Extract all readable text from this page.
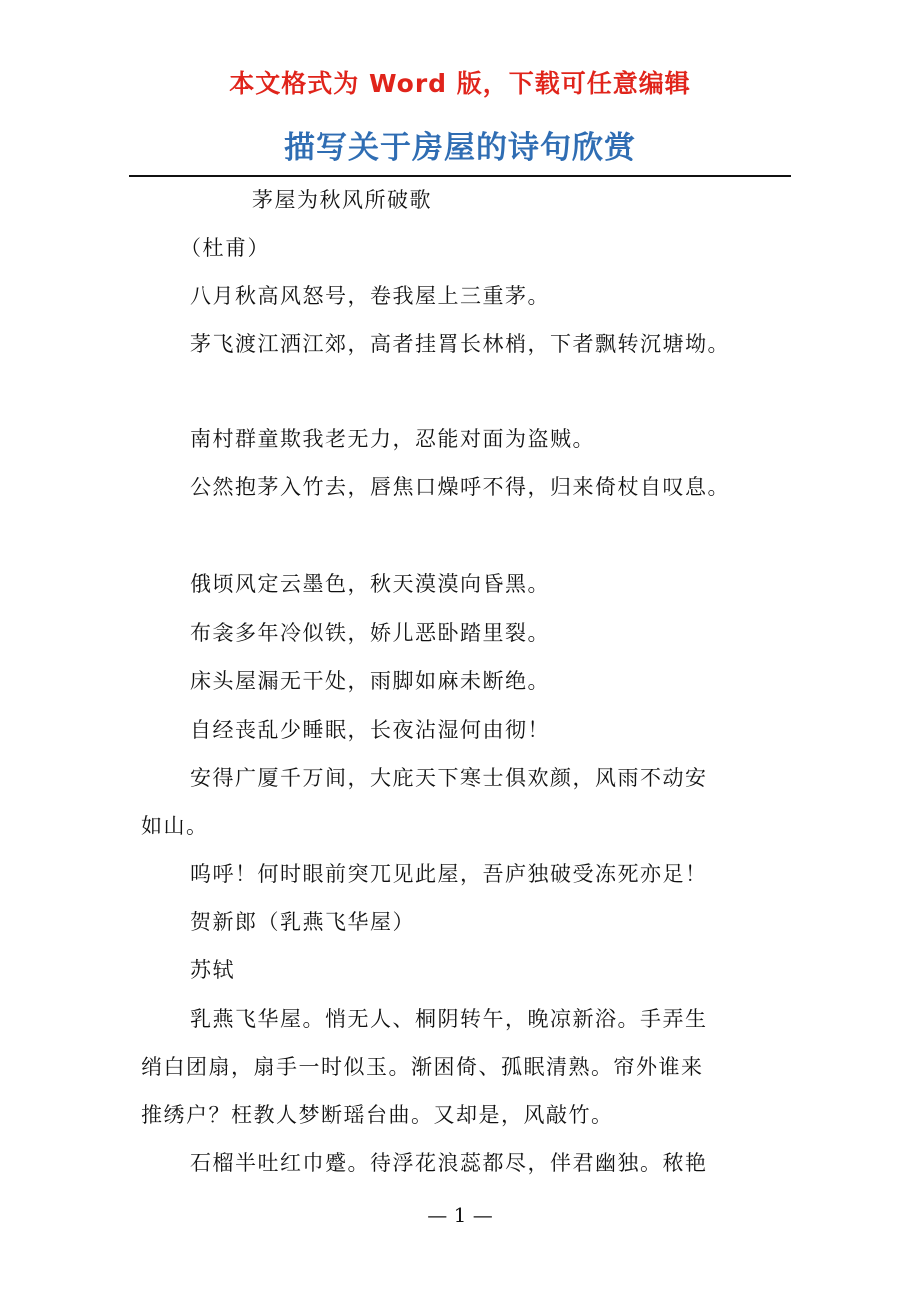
本文格式为 Word 版，下载可任意编辑
描写关于房屋的诗句欣赏
茅屋为秋风所破歌
（杜甫）
八月秋高风怒号，卷我屋上三重茅。
茅飞渡江洒江郊，高者挂罥长林梢，下者飘转沉塘坳。
南村群童欺我老无力，忍能对面为盗贼。
公然抱茅入竹去，唇焦口燥呼不得，归来倚杖自叹息。
俄顷风定云墨色，秋天漠漠向昏黑。
布衾多年冷似铁，娇儿恶卧踏里裂。
床头屋漏无干处，雨脚如麻未断绝。
自经丧乱少睡眠，长夜沾湿何由彻！
安得广厦千万间，大庇天下寒士俱欢颜，风雨不动安
如山。
呜呼！何时眼前突兀见此屋，吾庐独破受冻死亦足！
贺新郎（乳燕飞华屋）
苏轼
乳燕飞华屋。悄无人、桐阴转午，晚凉新浴。手弄生
绡白团扇，扇手一时似玉。渐困倚、孤眠清熟。帘外谁来
推绣户？枉教人梦断瑶台曲。又却是，风敲竹。
石榴半吐红巾蹙。待浮花浪蕊都尽，伴君幽独。秾艳
— 1 —
